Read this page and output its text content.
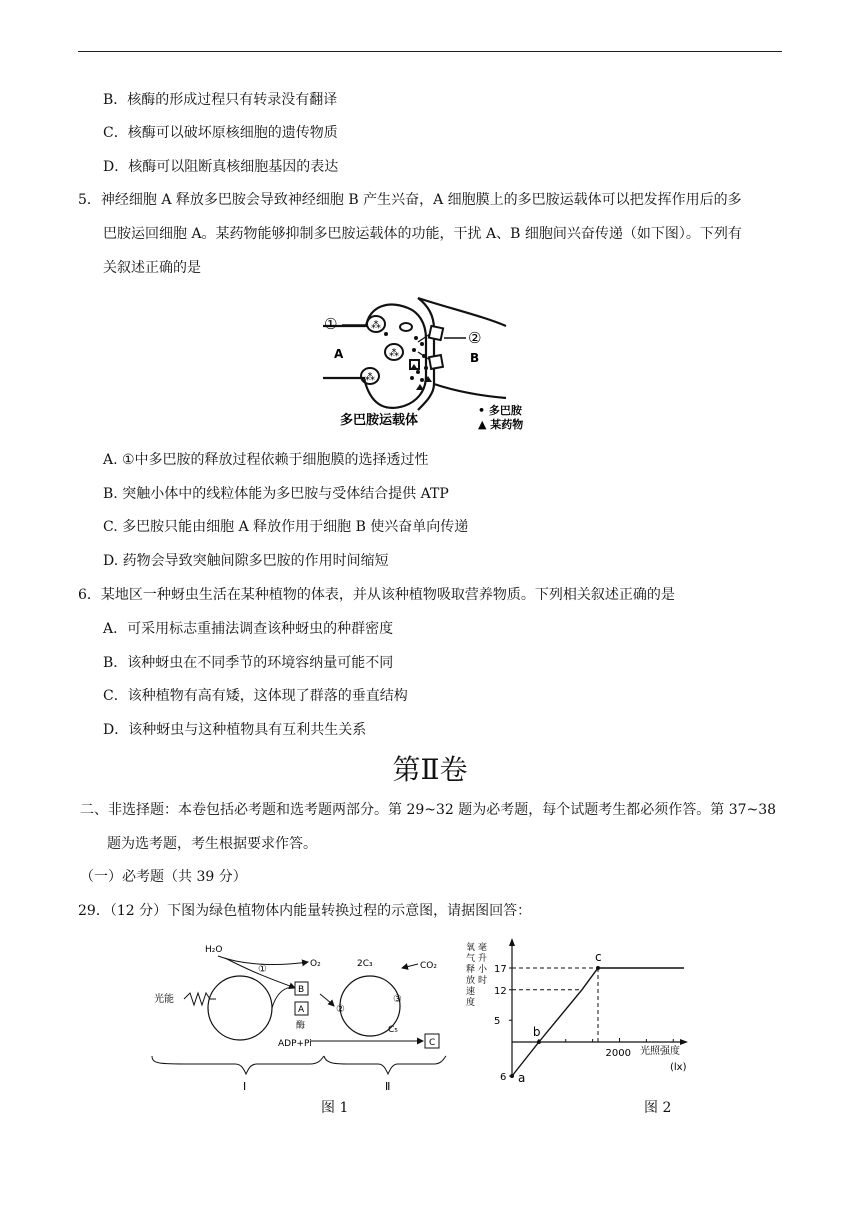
B．核酶的形成过程只有转录没有翻译
C．核酶可以破坏原核细胞的遗传物质
D．核酶可以阻断真核细胞基因的表达
5．神经细胞 A 释放多巴胺会导致神经细胞 B 产生兴奋，A 细胞膜上的多巴胺运载体可以把发挥作用后的多
巴胺运回细胞 A。某药物能够抑制多巴胺运载体的功能，干扰 A、B 细胞间兴奋传递（如下图）。下列有
关叙述正确的是
⁂
⁂
⁂
①
②
A	B
多巴胺运载体
• 多巴胺
▲ 某药物
A. ①中多巴胺的释放过程依赖于细胞膜的选择透过性
B. 突触小体中的线粒体能为多巴胺与受体结合提供 ATP
C. 多巴胺只能由细胞 A 释放作用于细胞 B 使兴奋单向传递
D. 药物会导致突触间隙多巴胺的作用时间缩短
6．某地区一种蚜虫生活在某种植物的体表，并从该种植物吸取营养物质。下列相关叙述正确的是
A．可采用标志重捕法调查该种蚜虫的种群密度
B．该种蚜虫在不同季节的环境容纳量可能不同
C．该种植物有高有矮，这体现了群落的垂直结构
D．该种蚜虫与这种植物具有互利共生关系
第Ⅱ卷
二、非选择题：本卷包括必考题和选考题两部分。第 29~32 题为必考题，每个试题考生都必须作答。第 37~38
题为选考题，考生根据要求作答。
（一）必考题（共 39 分）
29．（12 分）下图为绿色植物体内能量转换过程的示意图，请据图回答：
H₂O
O₂
①
光能
B
A
酶
ADP+Pi
②
2C₃	CO₂
③
C₅
C
Ⅰ	Ⅱ
图 1
氧
气
释
放
速
度
毫
升
小
时
17
12
5
6
2000
a
b
c
光照强度
(lx)
图 2
